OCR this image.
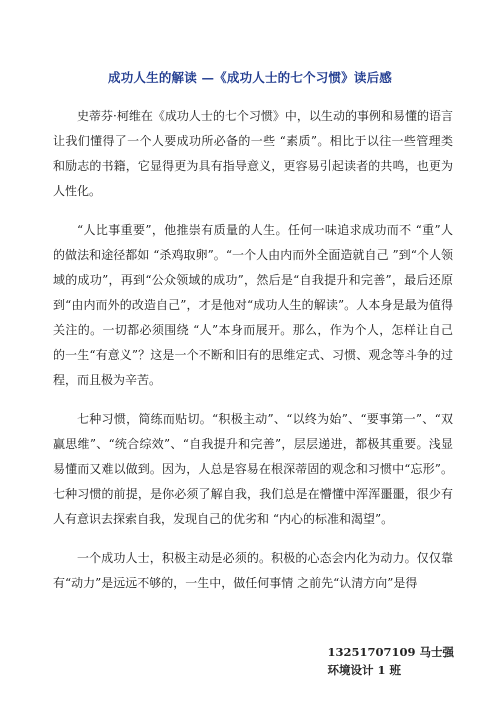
成功人生的解读 —《成功人士的七个习惯》读后感

史蒂芬·柯维在《成功人士的七个习惯》中，以生动的事例和易懂的语言让我们懂得了一个人要成功所必备的一些 “素质”。相比于以往一些管理类和励志的书籍，它显得更为具有指导意义，更容易引起读者的共鸣，也更为人性化。

“人比事重要”，他推崇有质量的人生。任何一味追求成功而不 “重”人的做法和途径都如 “杀鸡取卵”。“一个人由内而外全面造就自己 ”到“个人领域的成功”，再到“公众领域的成功”，然后是“自我提升和完善”，最后还原到“由内而外的改造自己”，才是他对“成功人生的解读”。人本身是最为值得关注的。一切都必须围绕 “人”本身而展开。那么，作为个人，怎样让自己的一生“有意义”？这是一个不断和旧有的思维定式、习惯、观念等斗争的过程，而且极为辛苦。

七种习惯，简练而贴切。“积极主动”、“以终为始”、“要事第一”、“双赢思维”、“统合综效”、“自我提升和完善”，层层递进，都极其重要。浅显易懂而又难以做到。因为，人总是容易在根深蒂固的观念和习惯中“忘形”。七种习惯的前提，是你必须了解自我，我们总是在懵懂中浑浑噩噩，很少有人有意识去探索自我，发现自己的优劣和 “内心的标准和渴望”。

一个成功人士，积极主动是必须的。积极的心态会内化为动力。仅仅靠有“动力”是远远不够的，一生中，做任何事情 之前先“认清方向”是得

13251707109 马士强
环境设计 1 班
